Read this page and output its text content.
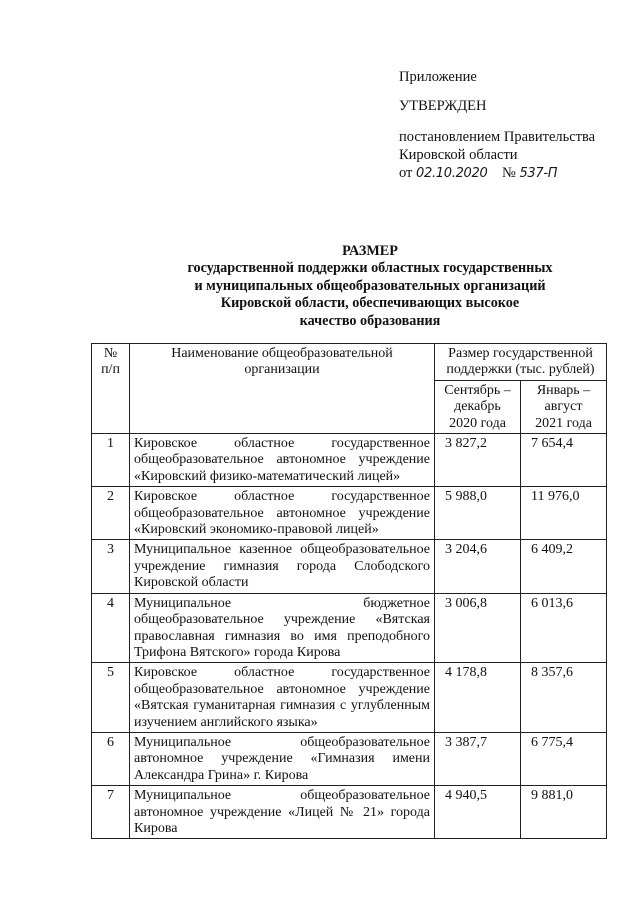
Приложение

УТВЕРЖДЕН

постановлением Правительства

Кировской области

от 02.10.2020 № 537-П

РАЗМЕР
государственной поддержки областных государственных
и муниципальных общеобразовательных организаций
Кировской области, обеспечивающих высокое
качество образования
№ п/п	Наименование общеобразовательной организации	Размер государственной поддержки (тыс. рублей)	
		Сентябрь – декабрь 2020 года	Январь – август 2021 года
1	Кировское областное государственное общеобразовательное автономное учреждение «Кировский физико-математический лицей»	3 827,2	7 654,4
2	Кировское областное государственное общеобразовательное автономное учреждение «Кировский экономико-правовой лицей»	5 988,0	11 976,0
3	Муниципальное казенное общеобразовательное учреждение гимназия города Слободского Кировской области	3 204,6	6 409,2
4	Муниципальное бюджетное общеобразовательное учреждение «Вятская православная гимназия во имя преподобного Трифона Вятского» города Кирова	3 006,8	6 013,6
5	Кировское областное государственное общеобразовательное автономное учреждение «Вятская гуманитарная гимназия с углубленным изучением английского языка»	4 178,8	8 357,6
6	Муниципальное общеобразовательное автономное учреждение «Гимназия имени Александра Грина» г. Кирова	3 387,7	6 775,4
7	Муниципальное общеобразовательное автономное учреждение «Лицей № 21» города Кирова	4 940,5	9 881,0
